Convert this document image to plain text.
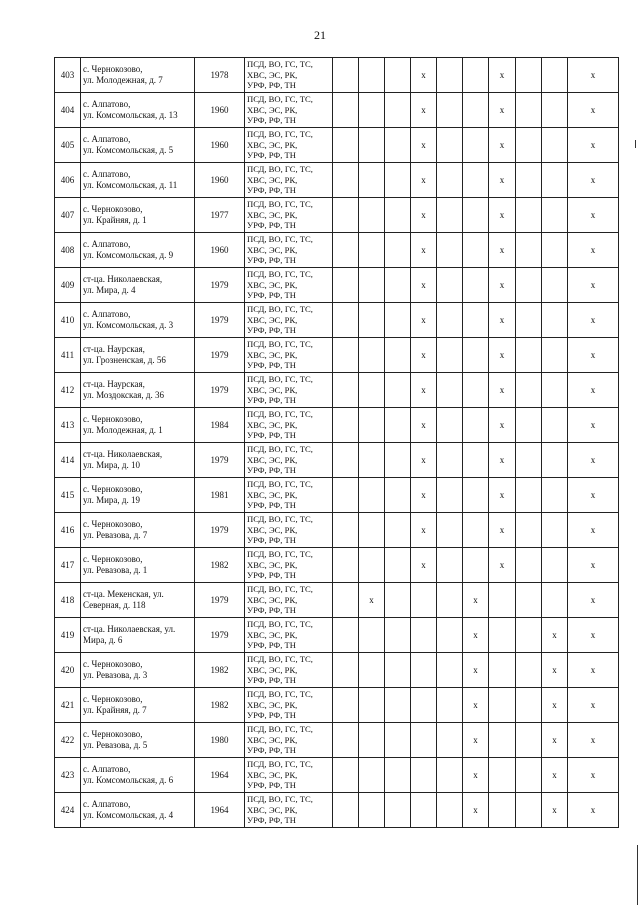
21
403	с. Чернокозово,
ул. Молодежная, д. 7	1978	ПСД, ВО, ГС, ТС,
ХВС, ЭС, РК,
УРФ, РФ, ТН				x			x			x
404	с. Алпатово,
ул. Комсомольская, д. 13	1960	ПСД, ВО, ГС, ТС,
ХВС, ЭС, РК,
УРФ, РФ, ТН				x			x			x
405	с. Алпатово,
ул. Комсомольская, д. 5	1960	ПСД, ВО, ГС, ТС,
ХВС, ЭС, РК,
УРФ, РФ, ТН				x			x			x
406	с. Алпатово,
ул. Комсомольская, д. 11	1960	ПСД, ВО, ГС, ТС,
ХВС, ЭС, РК,
УРФ, РФ, ТН				x			x			x
407	с. Чернокозово,
ул. Крайняя, д. 1	1977	ПСД, ВО, ГС, ТС,
ХВС, ЭС, РК,
УРФ, РФ, ТН				x			x			x
408	с. Алпатово,
ул. Комсомольская, д. 9	1960	ПСД, ВО, ГС, ТС,
ХВС, ЭС, РК,
УРФ, РФ, ТН				x			x			x
409	ст-ца. Николаевская,
ул. Мира, д. 4	1979	ПСД, ВО, ГС, ТС,
ХВС, ЭС, РК,
УРФ, РФ, ТН				x			x			x
410	с. Алпатово,
ул. Комсомольская, д. 3	1979	ПСД, ВО, ГС, ТС,
ХВС, ЭС, РК,
УРФ, РФ, ТН				x			x			x
411	ст-ца. Наурская,
ул. Грозненская, д. 56	1979	ПСД, ВО, ГС, ТС,
ХВС, ЭС, РК,
УРФ, РФ, ТН				x			x			x
412	ст-ца. Наурская,
ул. Моздокская, д. 36	1979	ПСД, ВО, ГС, ТС,
ХВС, ЭС, РК,
УРФ, РФ, ТН				x			x			x
413	с. Чернокозово,
ул. Молодежная, д. 1	1984	ПСД, ВО, ГС, ТС,
ХВС, ЭС, РК,
УРФ, РФ, ТН				x			x			x
414	ст-ца. Николаевская,
ул. Мира, д. 10	1979	ПСД, ВО, ГС, ТС,
ХВС, ЭС, РК,
УРФ, РФ, ТН				x			x			x
415	с. Чернокозово,
ул. Мира, д. 19	1981	ПСД, ВО, ГС, ТС,
ХВС, ЭС, РК,
УРФ, РФ, ТН				x			x			x
416	с. Чернокозово,
ул. Ревазова, д. 7	1979	ПСД, ВО, ГС, ТС,
ХВС, ЭС, РК,
УРФ, РФ, ТН				x			x			x
417	с. Чернокозово,
ул. Ревазова, д. 1	1982	ПСД, ВО, ГС, ТС,
ХВС, ЭС, РК,
УРФ, РФ, ТН				x			x			x
418	ст-ца. Мекенская, ул.
Северная, д. 118	1979	ПСД, ВО, ГС, ТС,
ХВС, ЭС, РК,
УРФ, РФ, ТН		x				x				x
419	ст-ца. Николаевская, ул.
Мира, д. 6	1979	ПСД, ВО, ГС, ТС,
ХВС, ЭС, РК,
УРФ, РФ, ТН						x			x	x
420	с. Чернокозово,
ул. Ревазова, д. 3	1982	ПСД, ВО, ГС, ТС,
ХВС, ЭС, РК,
УРФ, РФ, ТН						x			x	x
421	с. Чернокозово,
ул. Крайняя, д. 7	1982	ПСД, ВО, ГС, ТС,
ХВС, ЭС, РК,
УРФ, РФ, ТН						x			x	x
422	с. Чернокозово,
ул. Ревазова, д. 5	1980	ПСД, ВО, ГС, ТС,
ХВС, ЭС, РК,
УРФ, РФ, ТН						x			x	x
423	с. Алпатово,
ул. Комсомольская, д. 6	1964	ПСД, ВО, ГС, ТС,
ХВС, ЭС, РК,
УРФ, РФ, ТН						x			x	x
424	с. Алпатово,
ул. Комсомольская, д. 4	1964	ПСД, ВО, ГС, ТС,
ХВС, ЭС, РК,
УРФ, РФ, ТН						x			x	x
